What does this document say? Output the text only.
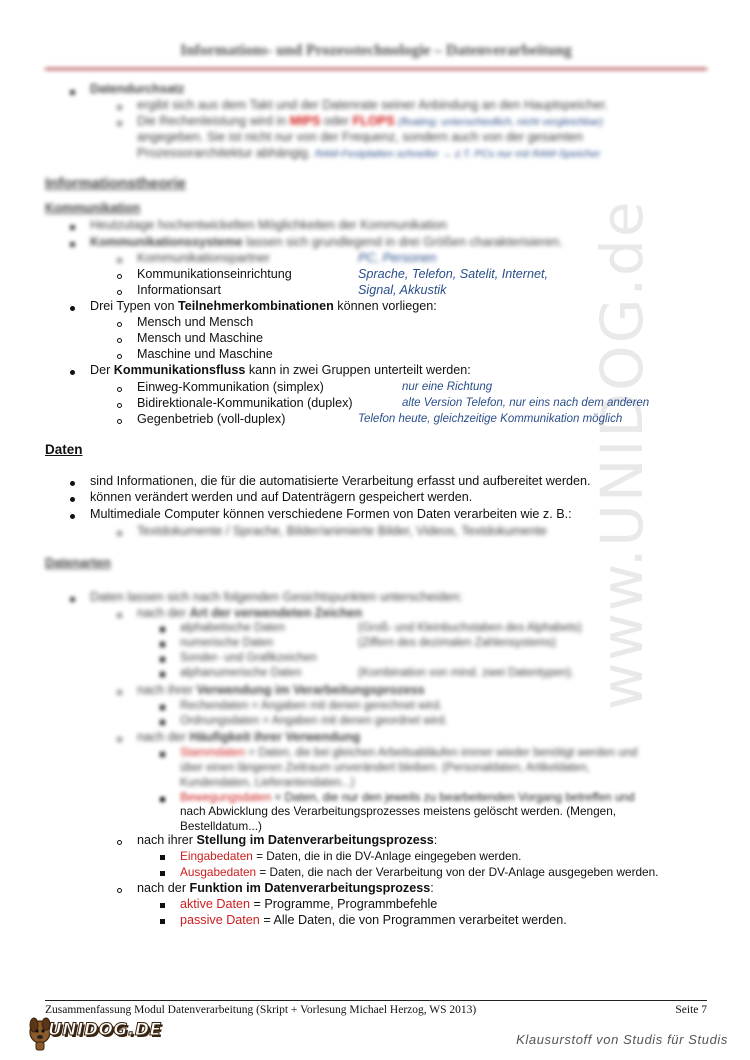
www.UNIDOG.de
Informations- und Prozesstechnologie – Datenverarbeitung
Datendurchsatz
ergibt sich aus dem Takt und der Datenrate seiner Anbindung an den Hauptspeicher.
Die Rechenleistung wird in MIPS oder FLOPS (floating; unterschiedlich, nicht vergleichbar)
angegeben. Sie ist nicht nur von der Frequenz, sondern auch von der gesamten
Prozessorarchitektur abhängig. RAM-Festplatten schneller → z.T. PCs nur mit RAM-Speicher
Informationstheorie
Kommunikation
Heutzutage hochentwickelten Möglichkeiten der Kommunikation
Kommunikationssysteme lassen sich grundlegend in drei Größen charakterisieren.
Kommunikationspartner	PC, Personen
Kommunikationseinrichtung	Sprache, Telefon, Satelit, Internet,
Informationsart	Signal, Akkustik
Drei Typen von Teilnehmerkombinationen können vorliegen:
Mensch und Mensch
Mensch und Maschine
Maschine und Maschine
Der Kommunikationsfluss kann in zwei Gruppen unterteilt werden:
Einweg-Kommunikation (simplex)	nur eine Richtung
Bidirektionale-Kommunikation (duplex)	alte Version Telefon, nur eins nach dem anderen
Gegenbetrieb (voll-duplex)	Telefon heute, gleichzeitige Kommunikation möglich
Daten
sind Informationen, die für die automatisierte Verarbeitung erfasst und aufbereitet werden.
können verändert werden und auf Datenträgern gespeichert werden.
Multimediale Computer können verschiedene Formen von Daten verarbeiten wie z. B.:
Textdokumente / Sprache, Bilder/animierte Bilder, Videos, Textdokumente
Datenarten
Daten lassen sich nach folgenden Gesichtspunkten unterscheiden:
nach der Art der verwendeten Zeichen
alphabetische Daten	(Groß- und Kleinbuchstaben des Alphabets)
numerische Daten	(Ziffern des dezimalen Zahlensystems)
Sonder- und Grafikzeichen
alphanumerische Daten	(Kombination von mind. zwei Datentypen).
nach ihrer Verwendung im Verarbeitungsprozess
Rechendaten = Angaben mit denen gerechnet wird.
Ordnungsdaten = Angaben mit denen geordnet wird.
nach der Häufigkeit ihrer Verwendung
Stammdaten = Daten, die bei gleichen Arbeitsabläufen immer wieder benötigt werden und
über einen längeren Zeitraum unverändert bleiben. (Personaldaten, Artikeldaten,
Kundendaten, Lieferantendaten...)
Bewegungsdaten = Daten, die nur den jeweils zu bearbeitenden Vorgang betreffen und
nach Abwicklung des Verarbeitungsprozesses meistens gelöscht werden. (Mengen,
Bestelldatum...)
nach ihrer Stellung im Datenverarbeitungsprozess:
Eingabedaten = Daten, die in die DV-Anlage eingegeben werden.
Ausgabedaten = Daten, die nach der Verarbeitung von der DV-Anlage ausgegeben werden.
nach der Funktion im Datenverarbeitungsprozess:
aktive Daten = Programme, Programmbefehle
passive Daten = Alle Daten, die von Programmen verarbeitet werden.
Zusammenfassung Modul Datenverarbeitung (Skript + Vorlesung Michael Herzog, WS 2013)	Seite 7
UNIDOG.DE	Klausurstoff von Studis für Studis
